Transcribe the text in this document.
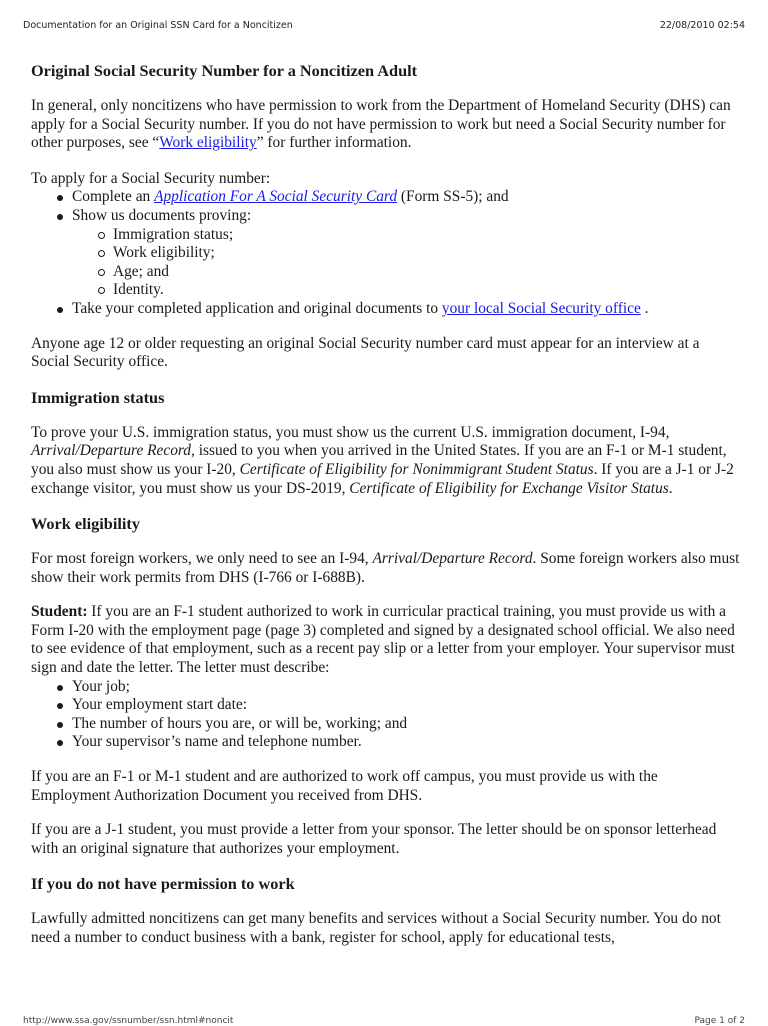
Documentation for an Original SSN Card for a Noncitizen	22/08/2010 02:54
Original Social Security Number for a Noncitizen Adult

In general, only noncitizens who have permission to work from the Department of Homeland Security (DHS) can apply for a Social Security number. If you do not have permission to work but need a Social Security number for other purposes, see “Work eligibility” for further information.

To apply for a Social Security number:

Complete an Application For A Social Security Card (Form SS-5); and
Show us documents proving:
Immigration status;
Work eligibility;
Age; and
Identity.
Take your completed application and original documents to your local Social Security office .

Anyone age 12 or older requesting an original Social Security number card must appear for an interview at a Social Security office.

Immigration status

To prove your U.S. immigration status, you must show us the current U.S. immigration document, I-94, Arrival/Departure Record, issued to you when you arrived in the United States. If you are an F-1 or M-1 student, you also must show us your I-20, Certificate of Eligibility for Nonimmigrant Student Status. If you are a J-1 or J-2 exchange visitor, you must show us your DS-2019, Certificate of Eligibility for Exchange Visitor Status.

Work eligibility

For most foreign workers, we only need to see an I-94, Arrival/Departure Record. Some foreign workers also must show their work permits from DHS (I-766 or I-688B).

Student: If you are an F-1 student authorized to work in curricular practical training, you must provide us with a Form I-20 with the employment page (page 3) completed and signed by a designated school official. We also need to see evidence of that employment, such as a recent pay slip or a letter from your employer. Your supervisor must sign and date the letter. The letter must describe:

Your job;
Your employment start date:
The number of hours you are, or will be, working; and
Your supervisor’s name and telephone number.

If you are an F-1 or M-1 student and are authorized to work off campus, you must provide us with the Employment Authorization Document you received from DHS.

If you are a J-1 student, you must provide a letter from your sponsor. The letter should be on sponsor letterhead with an original signature that authorizes your employment.

If you do not have permission to work

Lawfully admitted noncitizens can get many benefits and services without a Social Security number. You do not need a number to conduct business with a bank, register for school, apply for educational tests,

http://www.ssa.gov/ssnumber/ssn.html#noncit	Page 1 of 2
